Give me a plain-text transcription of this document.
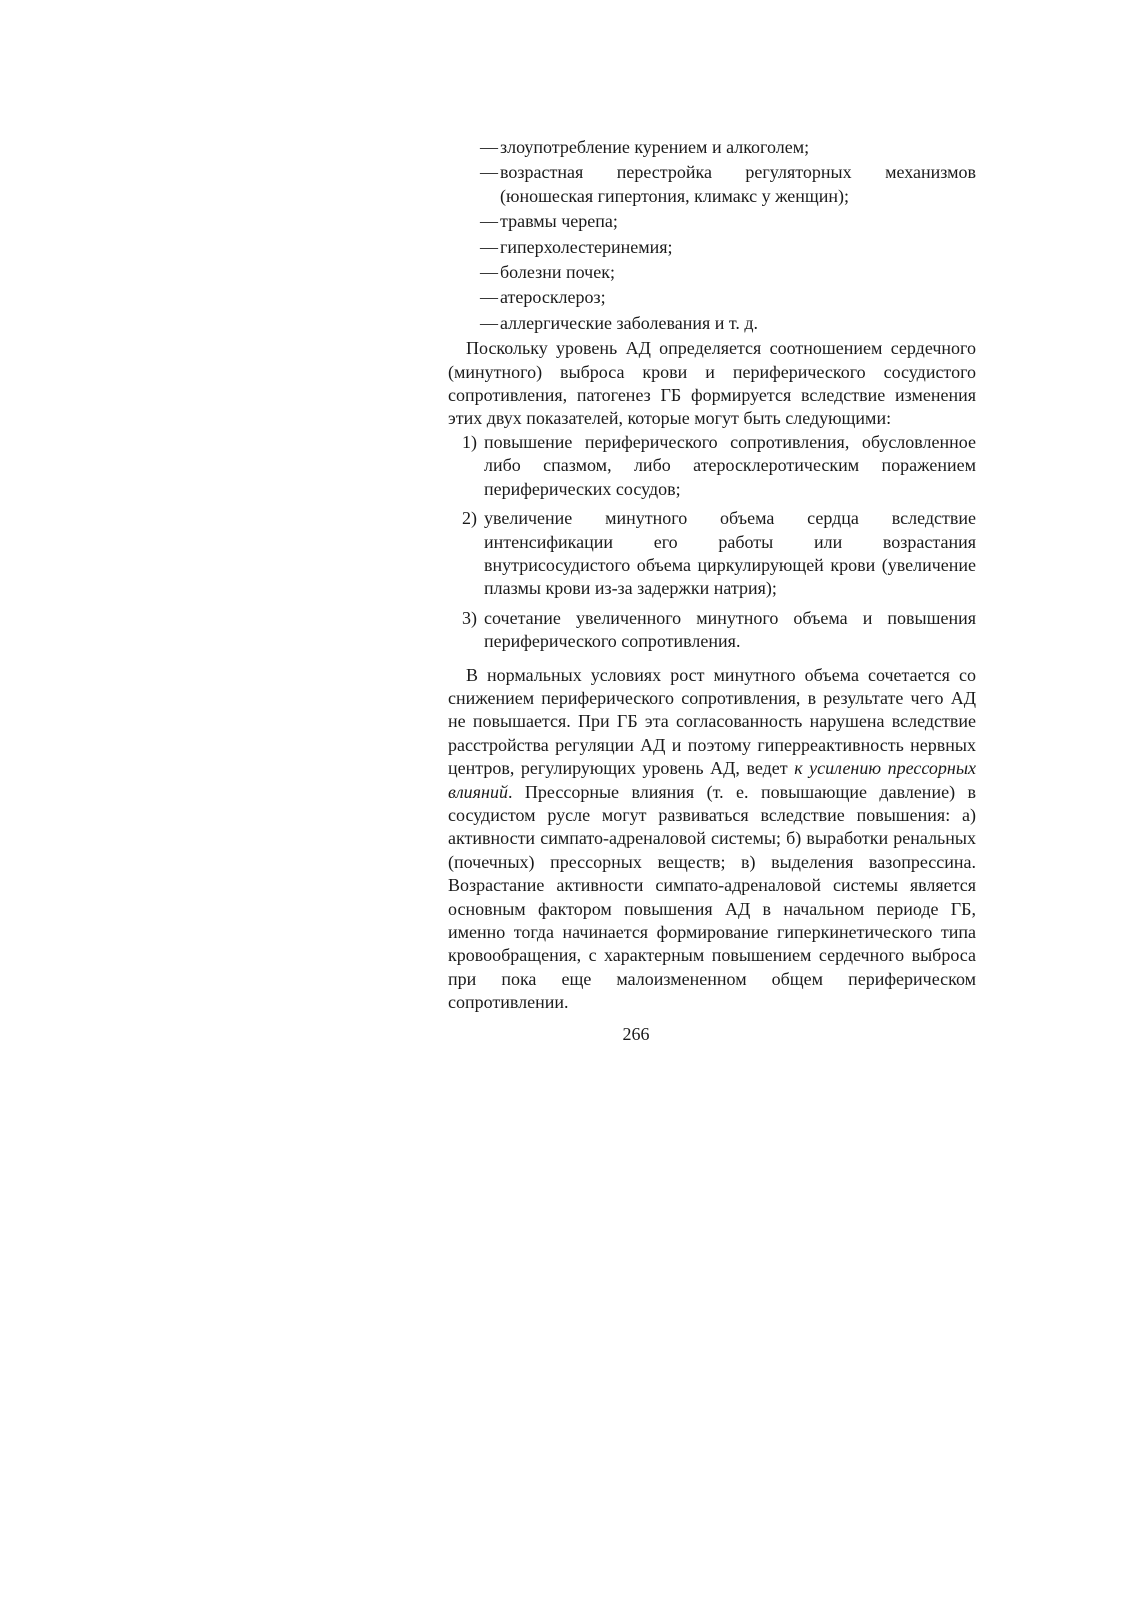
— злоупотребление курением и алкоголем;
— возрастная перестройка регуляторных механизмов (юношеская гипертония, климакс у женщин);
— травмы черепа;
— гиперхолестеринемия;
— болезни почек;
— атеросклероз;
— аллергические заболевания и т. д.

Поскольку уровень АД определяется соотношением сердечного (минутного) выброса крови и периферического сосудистого сопротивления, патогенез ГБ формируется вследствие изменения этих двух показателей, которые могут быть следующими:

1) повышение периферического сопротивления, обусловленное либо спазмом, либо атеросклеротическим поражением периферических сосудов;
2) увеличение минутного объема сердца вследствие интенсификации его работы или возрастания внутрисосудистого объема циркулирующей крови (увеличение плазмы крови из-за задержки натрия);
3) сочетание увеличенного минутного объема и повышения периферического сопротивления.

В нормальных условиях рост минутного объема сочетается со снижением периферического сопротивления, в результате чего АД не повышается. При ГБ эта согласованность нарушена вследствие расстройства регуляции АД и поэтому гиперреактивность нервных центров, регулирующих уровень АД, ведет к усилению прессорных влияний. Прессорные влияния (т. е. повышающие давление) в сосудистом русле могут развиваться вследствие повышения: а) активности симпато-адреналовой системы; б) выработки ренальных (почечных) прессорных веществ; в) выделения вазопрессина. Возрастание активности симпато-адреналовой системы является основным фактором повышения АД в начальном периоде ГБ, именно тогда начинается формирование гиперкинетического типа кровообращения, с характерным повышением сердечного выброса при пока еще малоизмененном общем периферическом сопротивлении.

266
